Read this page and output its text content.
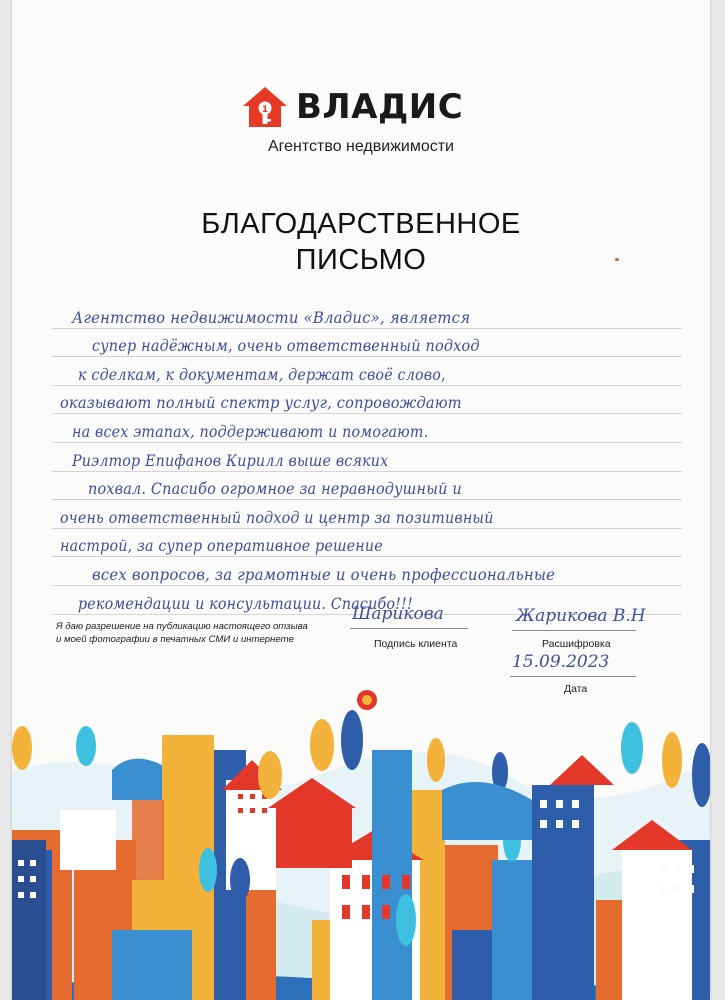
1 ВЛАДИС
Агентство недвижимости
БЛАГОДАРСТВЕННОЕ
ПИСЬМО
Агентство недвижимости «Владис», является
супер надёжным, очень ответственный подход
к сделкам, к документам, держат своё слово,
оказывают полный спектр услуг, сопровождают
на всех этапах, поддерживают и помогают.
Риэлтор Епифанов Кирилл выше всяких
похвал. Спасибо огромное за неравнодушный и
очень ответственный подход и центр за позитивный
настрой, за супер оперативное решение
всех вопросов, за грамотные и очень профессиональные
рекомендации и консультации. Спасибо!!!
Я даю разрешение на публикацию настоящего отзыва
и моей фотографии в печатных СМИ и интернете
Шарикова
Подпись клиента
Жарикова В.Н
Расшифровка
15.09.2023
Дата
